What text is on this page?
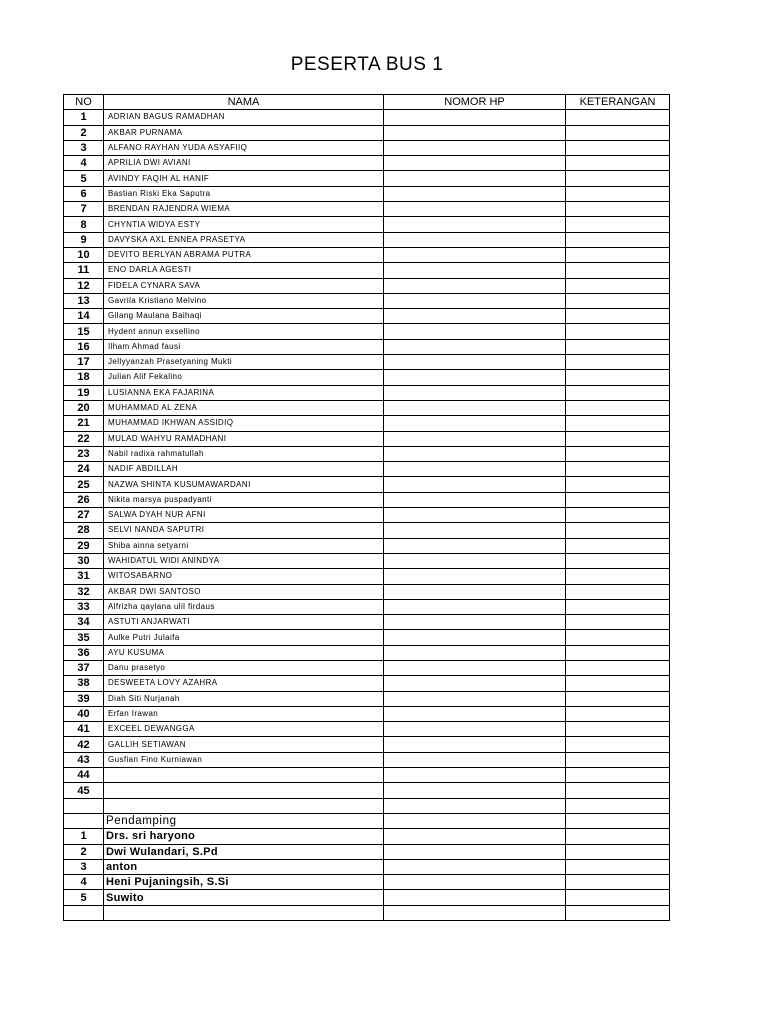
PESERTA BUS 1
NO	NAMA	NOMOR HP	KETERANGAN
1	ADRIAN BAGUS RAMADHAN		
2	AKBAR PURNAMA		
3	ALFANO RAYHAN YUDA ASYAFIIQ		
4	APRILIA DWI AVIANI		
5	AVINDY FAQIH AL HANIF		
6	Bastian Riski Eka Saputra		
7	BRENDAN RAJENDRA WIEMA		
8	CHYNTIA WIDYA ESTY		
9	DAVYSKA AXL ENNEA PRASETYA		
10	DEVITO BERLYAN ABRAMA PUTRA		
11	ENO DARLA AGESTI		
12	FIDELA CYNARA SAVA		
13	Gavrila Kristiano Melvino		
14	Gilang Maulana Baihaqi		
15	Hydent annun exsellino		
16	Ilham Ahmad fausi		
17	Jellyyanzah Prasetyaning Mukti		
18	Julian Alif Fekalino		
19	LUSIANNA EKA FAJARINA		
20	MUHAMMAD AL ZENA		
21	MUHAMMAD IKHWAN ASSIDIQ		
22	MULAD WAHYU RAMADHANI		
23	Nabil radixa rahmatullah		
24	NADIF ABDILLAH		
25	NAZWA SHINTA KUSUMAWARDANI		
26	Nikita marsya puspadyanti		
27	SALWA DYAH NUR AFNI		
28	SELVI NANDA SAPUTRI		
29	Shiba ainna setyarni		
30	WAHIDATUL WIDI ANINDYA		
31	WITOSABARNO		
32	AKBAR DWI SANTOSO		
33	Alfrizha qaylana ulil firdaus		
34	ASTUTI ANJARWATI		
35	Aulke Putri Julaifa		
36	AYU KUSUMA		
37	Danu prasetyo		
38	DESWEETA LOVY AZAHRA		
39	Diah Siti Nurjanah		
40	Erfan Irawan		
41	EXCEEL DEWANGGA		
42	GALLIH SETIAWAN		
43	Gusfian Fino Kurniawan		
44			
45			

	Pendamping		
1	Drs. sri haryono		
2	Dwi Wulandari, S.Pd		
3	anton		
4	Heni Pujaningsih, S.Si		
5	Suwito		
